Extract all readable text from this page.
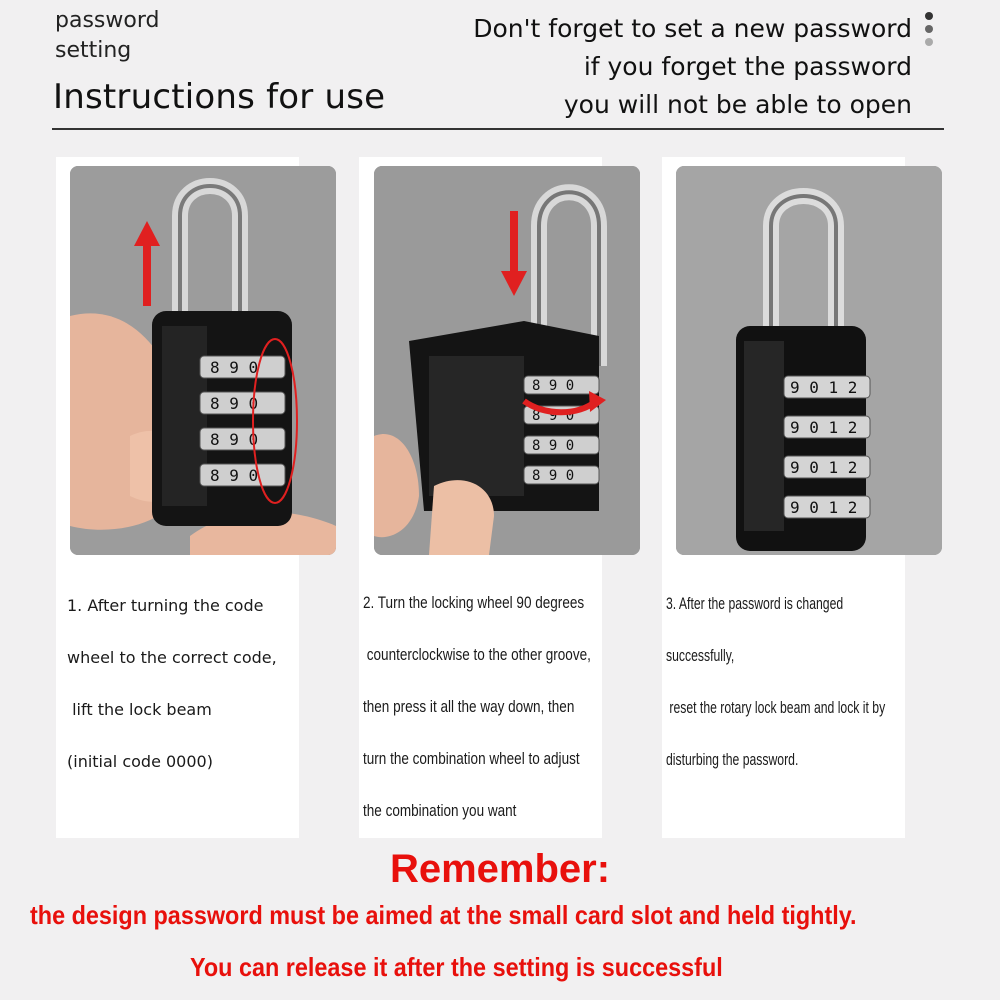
password
setting
Instructions for use
Don't forget to set a new password
if you forget the password
you will not be able to open
8 9 0
8 9 0
8 9 0
8 9 0
1. After turning the code
wheel to the correct code,
lift the lock beam
(initial code 0000)
8 9 0
8 9 0
8 9 0
8 9 0
2. Turn the locking wheel 90 degrees
counterclockwise to the other groove,
then press it all the way down, then
turn the combination wheel to adjust
the combination you want
9 0 1 2
9 0 1 2
9 0 1 2
9 0 1 2
3. After the password is changed successfully,
reset the rotary lock beam and lock it by
disturbing the password.
Remember:
the design password must be aimed at the small card slot and held tightly.
You can release it after the setting is successful
